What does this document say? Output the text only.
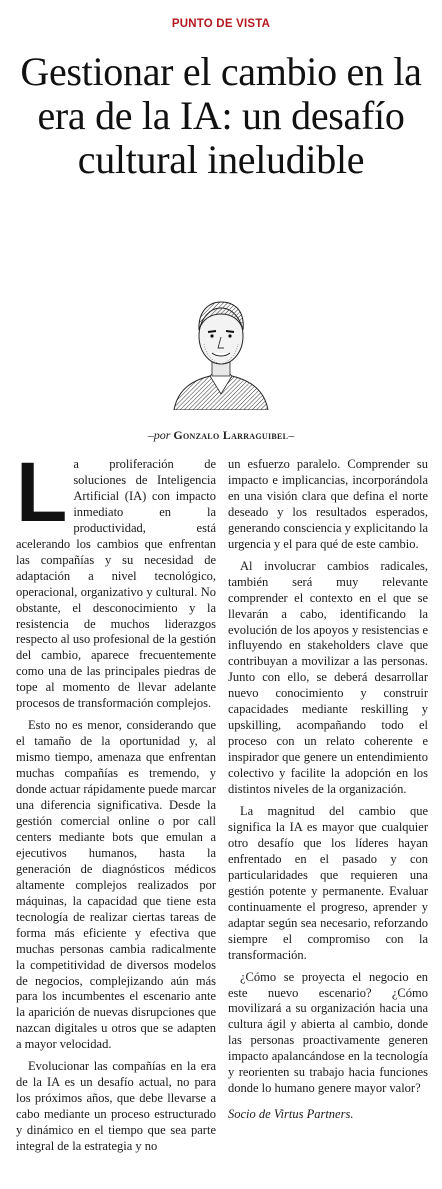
PUNTO DE VISTA
Gestionar el cambio en la era de la IA: un desafío cultural ineludible
–por Gonzalo Larraguibel–

La proliferación de soluciones de Inteligencia Artificial (IA) con impacto inmediato en la productividad, está acelerando los cambios que enfrentan las compañías y su necesidad de adaptación a nivel tecnológico, operacional, organizativo y cultural. No obstante, el desconocimiento y la resistencia de muchos liderazgos respecto al uso profesional de la gestión del cambio, aparece frecuentemente como una de las principales piedras de tope al momento de llevar adelante procesos de transformación complejos.

Esto no es menor, considerando que el tamaño de la oportunidad y, al mismo tiempo, amenaza que enfrentan muchas compañías es tremendo, y donde actuar rápidamente puede marcar una diferencia significativa. Desde la gestión comercial online o por call centers mediante bots que emulan a ejecutivos humanos, hasta la generación de diagnósticos médicos altamente complejos realizados por máquinas, la capacidad que tiene esta tecnología de realizar ciertas tareas de forma más eficiente y efectiva que muchas personas cambia radicalmente la competitividad de diversos modelos de negocios, complejizando aún más para los incumbentes el escenario ante la aparición de nuevas disrupciones que nazcan digitales u otros que se adapten a mayor velocidad.

Evolucionar las compañías en la era de la IA es un desafío actual, no para los próximos años, que debe llevarse a cabo mediante un proceso estructurado y dinámico en el tiempo que sea parte integral de la estrategia y no

un esfuerzo paralelo. Comprender su impacto e implicancias, incorporándola en una visión clara que defina el norte deseado y los resultados esperados, generando consciencia y explicitando la urgencia y el para qué de este cambio.

Al involucrar cambios radicales, también será muy relevante comprender el contexto en el que se llevarán a cabo, identificando la evolución de los apoyos y resistencias e influyendo en stakeholders clave que contribuyan a movilizar a las personas. Junto con ello, se deberá desarrollar nuevo conocimiento y construir capacidades mediante reskilling y upskilling, acompañando todo el proceso con un relato coherente e inspirador que genere un entendimiento colectivo y facilite la adopción en los distintos niveles de la organización.

La magnitud del cambio que significa la IA es mayor que cualquier otro desafío que los líderes hayan enfrentado en el pasado y con particularidades que requieren una gestión potente y permanente. Evaluar continuamente el progreso, aprender y adaptar según sea necesario, reforzando siempre el compromiso con la transformación.

¿Cómo se proyecta el negocio en este nuevo escenario? ¿Cómo movilizará a su organización hacia una cultura ágil y abierta al cambio, donde las personas proactivamente generen impacto apalancándose en la tecnología y reorienten su trabajo hacia funciones donde lo humano genere mayor valor?

Socio de Virtus Partners.
